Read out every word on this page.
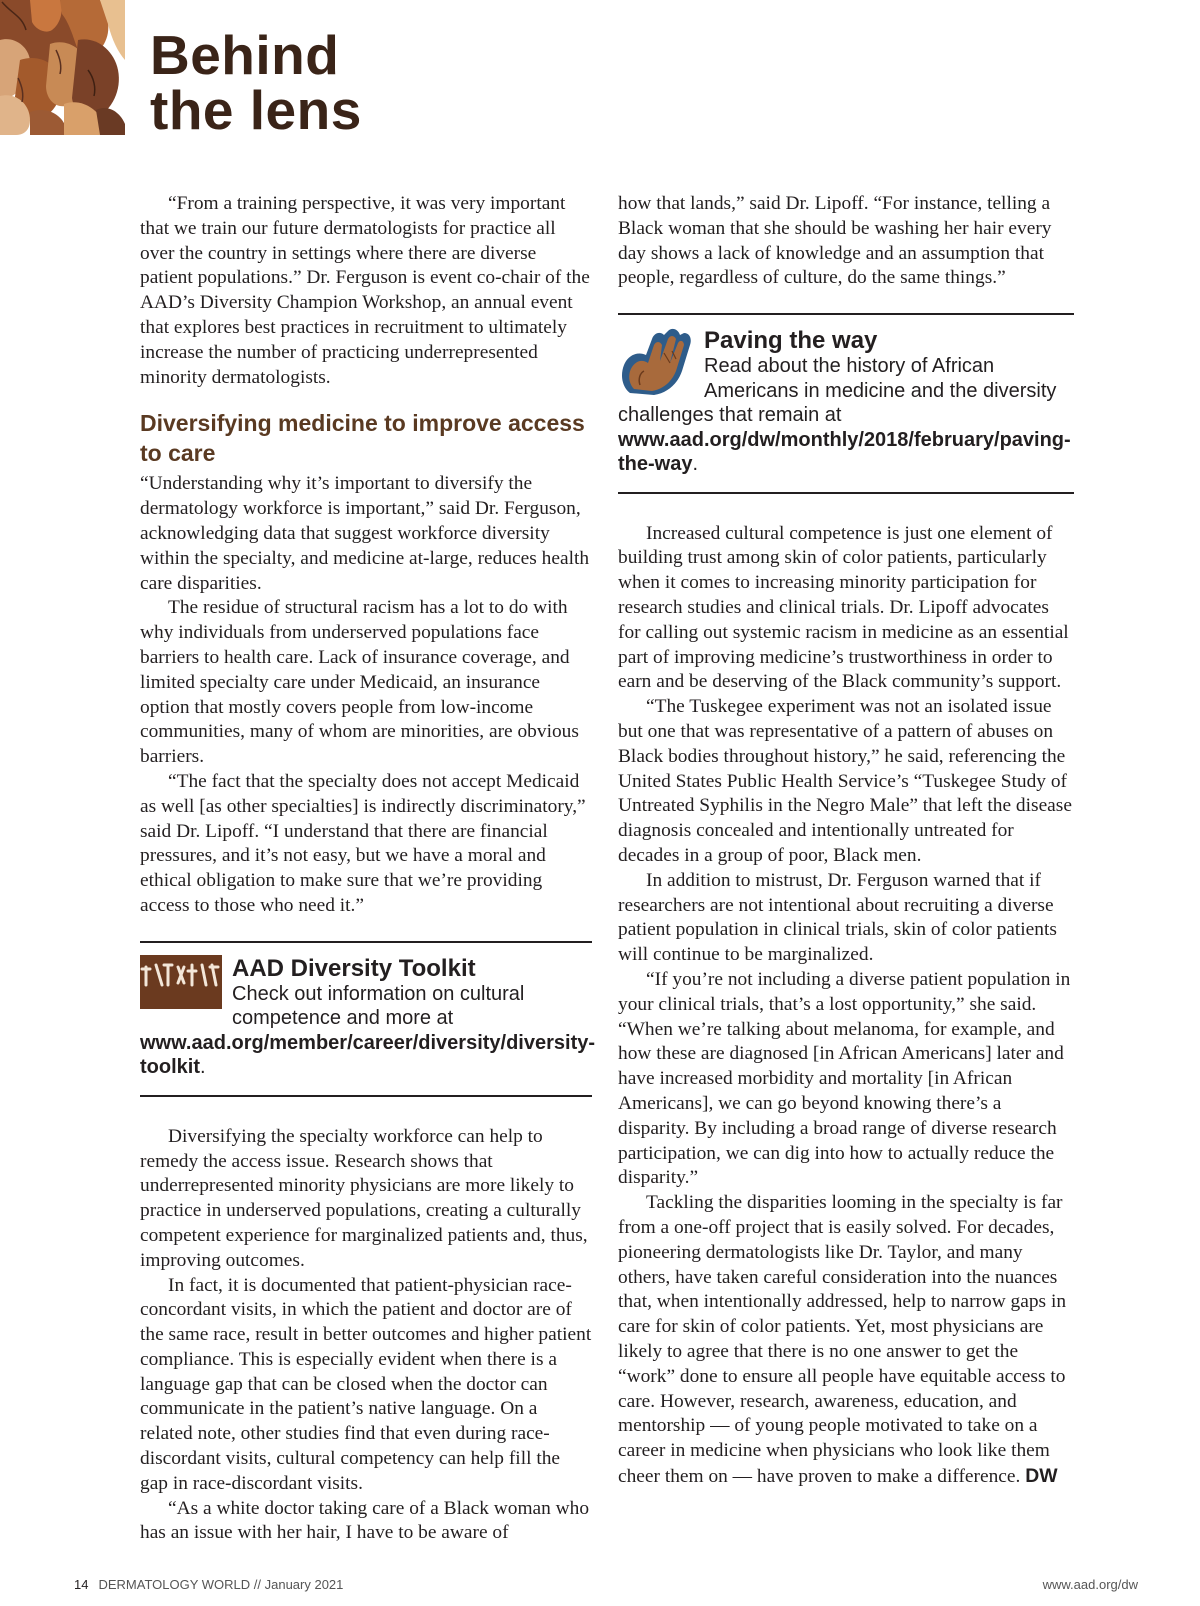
Behind
the lens

“From a training perspective, it was very important that we train our future dermatologists for practice all over the country in settings where there are diverse patient populations.” Dr. Ferguson is event co-chair of the AAD’s Diversity Champion Workshop, an annual event that explores best practices in recruitment to ultimately increase the number of practicing underrepresented minority dermatologists.

Diversifying medicine to improve access to care

“Understanding why it’s important to diversify the dermatology workforce is important,” said Dr. Ferguson, acknowledging data that suggest workforce diversity within the specialty, and medicine at-large, reduces health care disparities.

The residue of structural racism has a lot to do with why individuals from underserved populations face barriers to health care. Lack of insurance coverage, and limited specialty care under Medicaid, an insurance option that mostly covers people from low-income communities, many of whom are minorities, are obvious barriers.

“The fact that the specialty does not accept Medicaid as well [as other specialties] is indirectly discriminatory,” said Dr. Lipoff. “I understand that there are financial pressures, and it’s not easy, but we have a moral and ethical obligation to make sure that we’re providing access to those who need it.”

AAD Diversity Toolkit
Check out information on cultural competence and more at www.aad.org/member/career/diversity/diversity-toolkit.

Diversifying the specialty workforce can help to remedy the access issue. Research shows that underrepresented minority physicians are more likely to practice in underserved populations, creating a culturally competent experience for marginalized patients and, thus, improving outcomes.

In fact, it is documented that patient-physician race-concordant visits, in which the patient and doctor are of the same race, result in better outcomes and higher patient compliance. This is especially evident when there is a language gap that can be closed when the doctor can communicate in the patient’s native language. On a related note, other studies find that even during race-discordant visits, cultural competency can help fill the gap in race-discordant visits.

“As a white doctor taking care of a Black woman who has an issue with her hair, I have to be aware of

how that lands,” said Dr. Lipoff. “For instance, telling a Black woman that she should be washing her hair every day shows a lack of knowledge and an assumption that people, regardless of culture, do the same things.”

Paving the way
Read about the history of African Americans in medicine and the diversity challenges that remain at www.aad.org/dw/monthly/2018/february/paving-the-way.

Increased cultural competence is just one element of building trust among skin of color patients, particularly when it comes to increasing minority participation for research studies and clinical trials. Dr. Lipoff advocates for calling out systemic racism in medicine as an essential part of improving medicine’s trustworthiness in order to earn and be deserving of the Black community’s support.

“The Tuskegee experiment was not an isolated issue but one that was representative of a pattern of abuses on Black bodies throughout history,” he said, referencing the United States Public Health Service’s “Tuskegee Study of Untreated Syphilis in the Negro Male” that left the disease diagnosis concealed and intentionally untreated for decades in a group of poor, Black men.

In addition to mistrust, Dr. Ferguson warned that if researchers are not intentional about recruiting a diverse patient population in clinical trials, skin of color patients will continue to be marginalized.

“If you’re not including a diverse patient population in your clinical trials, that’s a lost opportunity,” she said. “When we’re talking about melanoma, for example, and how these are diagnosed [in African Americans] later and have increased morbidity and mortality [in African Americans], we can go beyond knowing there’s a disparity. By including a broad range of diverse research participation, we can dig into how to actually reduce the disparity.”

Tackling the disparities looming in the specialty is far from a one-off project that is easily solved. For decades, pioneering dermatologists like Dr. Taylor, and many others, have taken careful consideration into the nuances that, when intentionally addressed, help to narrow gaps in care for skin of color patients. Yet, most physicians are likely to agree that there is no one answer to get the “work” done to ensure all people have equitable access to care. However, research, awareness, education, and mentorship — of young people motivated to take on a career in medicine when physicians who look like them cheer them on — have proven to make a difference. DW

14 DERMATOLOGY WORLD // January 2021	www.aad.org/dw
